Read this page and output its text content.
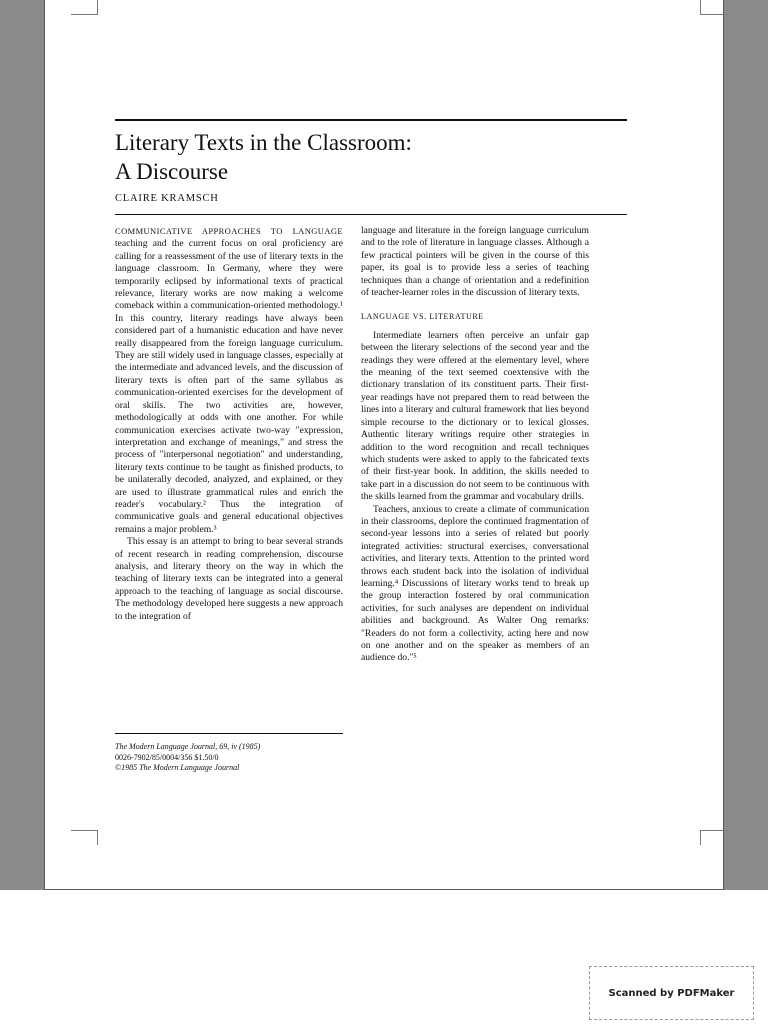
Literary Texts in the Classroom:
A Discourse
CLAIRE KRAMSCH

COMMUNICATIVE APPROACHES TO LANGUAGE teaching and the current focus on oral proficiency are calling for a reassessment of the use of literary texts in the language classroom. In Germany, where they were temporarily eclipsed by informational texts of practical relevance, literary works are now making a welcome comeback within a communication-oriented methodology.¹ In this country, literary readings have always been considered part of a humanistic education and have never really disappeared from the foreign language curriculum. They are still widely used in language classes, especially at the intermediate and advanced levels, and the discussion of literary texts is often part of the same syllabus as communication-oriented exercises for the development of oral skills. The two activities are, however, methodologically at odds with one another. For while communication exercises activate two-way "expression, interpretation and exchange of meanings," and stress the process of "interpersonal negotiation" and understanding, literary texts continue to be taught as finished products, to be unilaterally decoded, analyzed, and explained, or they are used to illustrate grammatical rules and enrich the reader's vocabulary.² Thus the integration of communicative goals and general educational objectives remains a major problem.³

This essay is an attempt to bring to bear several strands of recent research in reading comprehension, discourse analysis, and literary theory on the way in which the teaching of literary texts can be integrated into a general approach to the teaching of language as social discourse. The methodology developed here suggests a new approach to the integration of

language and literature in the foreign language curriculum and to the role of literature in language classes. Although a few practical pointers will be given in the course of this paper, its goal is to provide less a series of teaching techniques than a change of orientation and a redefinition of teacher-learner roles in the discussion of literary texts.

LANGUAGE VS. LITERATURE

Intermediate learners often perceive an unfair gap between the literary selections of the second year and the readings they were offered at the elementary level, where the meaning of the text seemed coextensive with the dictionary translation of its constituent parts. Their first-year readings have not prepared them to read between the lines into a literary and cultural framework that lies beyond simple recourse to the dictionary or to lexical glosses. Authentic literary writings require other strategies in addition to the word recognition and recall techniques which students were asked to apply to the fabricated texts of their first-year book. In addition, the skills needed to take part in a discussion do not seem to be continuous with the skills learned from the grammar and vocabulary drills.

Teachers, anxious to create a climate of communication in their classrooms, deplore the continued fragmentation of second-year lessons into a series of related but poorly integrated activities: structural exercises, conversational activities, and literary texts. Attention to the printed word throws each student back into the isolation of individual learning.⁴ Discussions of literary works tend to break up the group interaction fostered by oral communication activities, for such analyses are dependent on individual abilities and background. As Walter Ong remarks: "Readers do not form a collectivity, acting here and now on one another and on the speaker as members of an audience do."⁵

The Modern Language Journal, 69, iv (1985)
0026-7902/85/0004/356 $1.50/0
©1985 The Modern Language Journal
Scanned by PDFMaker
